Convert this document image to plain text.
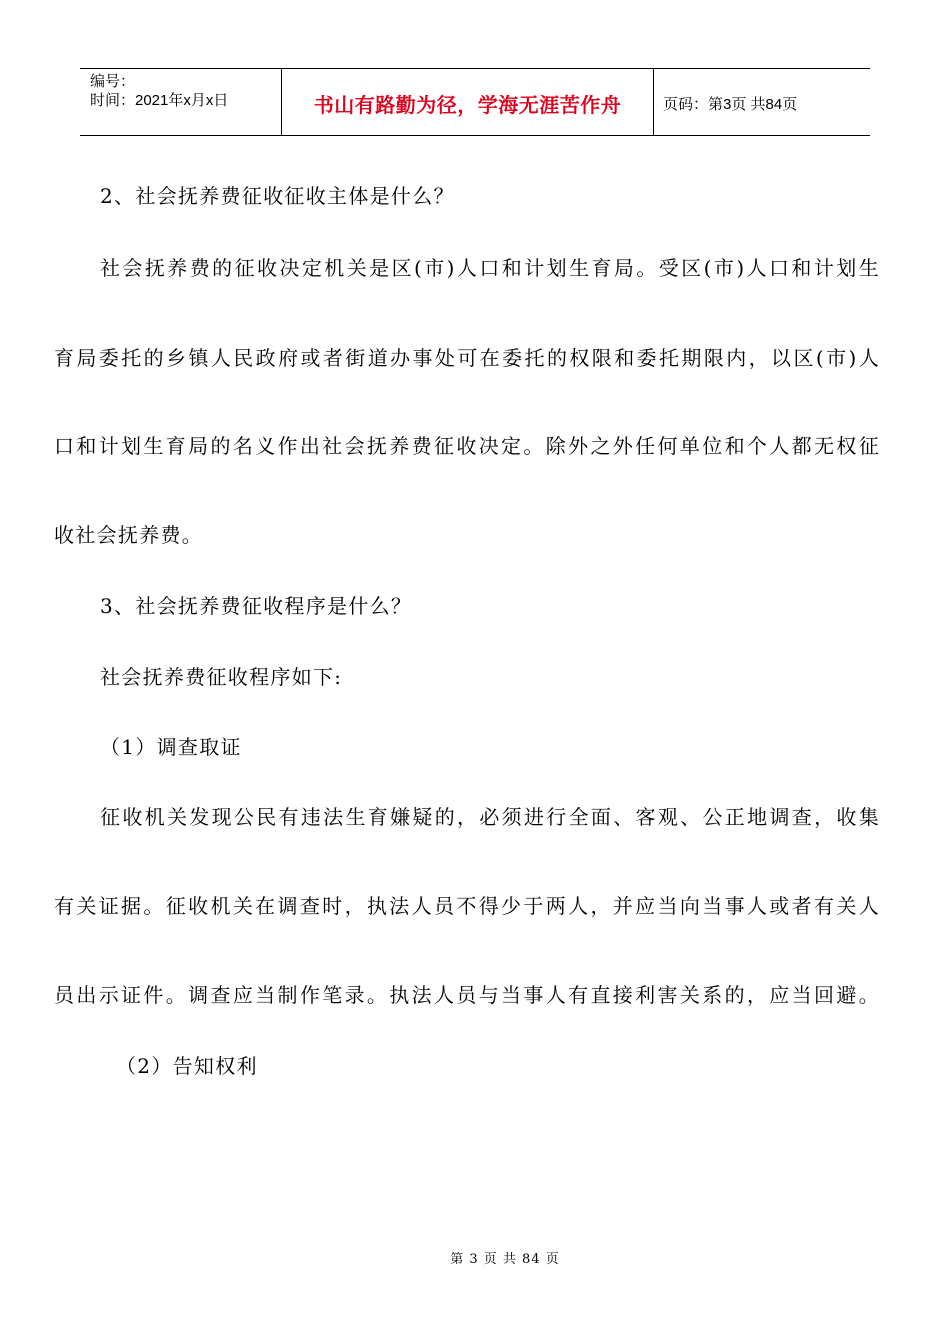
编号：
时间：2021年x月x日	书山有路勤为径，学海无涯苦作舟	页码：第3页 共84页
2、社会抚养费征收征收主体是什么？
社会抚养费的征收决定机关是区(市)人口和计划生育局。受区(市)人口和计划生
育局委托的乡镇人民政府或者街道办事处可在委托的权限和委托期限内，以区(市)人
口和计划生育局的名义作出社会抚养费征收决定。除外之外任何单位和个人都无权征
收社会抚养费。
3、社会抚养费征收程序是什么？
社会抚养费征收程序如下:
（1）调查取证
征收机关发现公民有违法生育嫌疑的，必须进行全面、客观、公正地调查，收集
有关证据。征收机关在调查时，执法人员不得少于两人，并应当向当事人或者有关人
员出示证件。调查应当制作笔录。执法人员与当事人有直接利害关系的，应当回避。
（2）告知权利
第 3 页 共 84 页
